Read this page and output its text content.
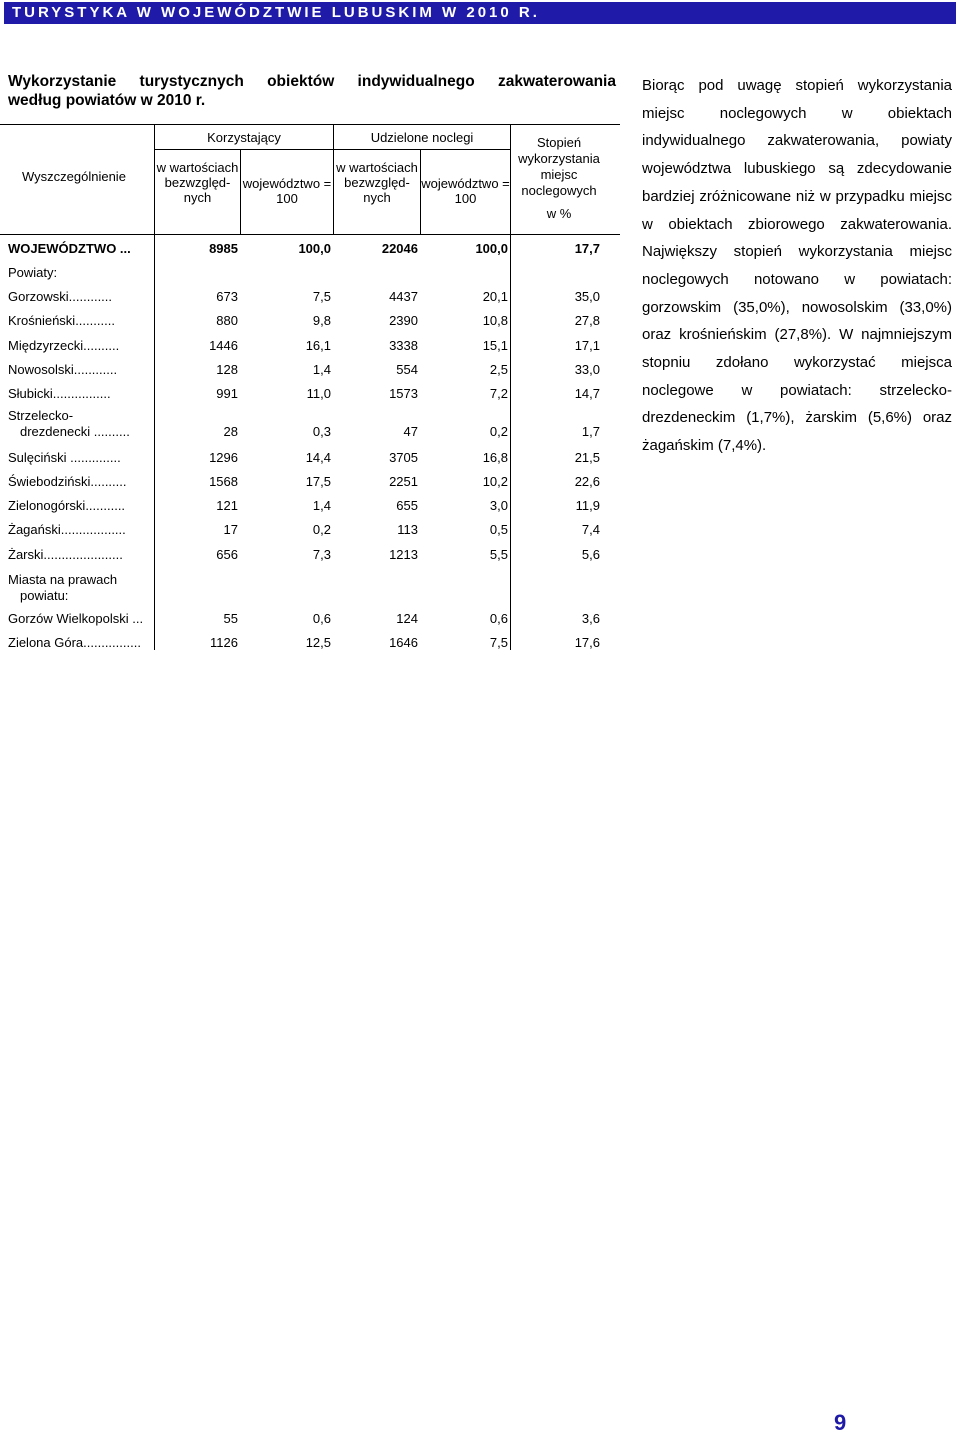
TURYSTYKA W WOJEWÓDZTWIE LUBUSKIM W 2010 R.
Wykorzystanie turystycznych obiektów indywidualnego zakwaterowania
według powiatów w 2010 r.
Wyszczególnienie
Korzystający	Udzielone noclegi	Stopień wykorzystania miejsc noclegowych
w %
w wartościach bezwzględ-nych
województwo = 100
w wartościach bezwzględ-nych
województwo = 100
WOJEWÓDZTWO ...	8985	100,0	22046	100,0	17,7
Powiaty:
Gorzowski............	673	7,5	4437	20,1	35,0
Krośnieński...........	880	9,8	2390	10,8	27,8
Międzyrzecki..........	1446	16,1	3338	15,1	17,1
Nowosolski............	128	1,4	554	2,5	33,0
Słubicki................	991	11,0	1573	7,2	14,7
Strzelecko-
drezdenecki ..........	28	0,3	47	0,2	1,7
Sulęciński ..............	1296	14,4	3705	16,8	21,5
Świebodziński..........	1568	17,5	2251	10,2	22,6
Zielonogórski...........	121	1,4	655	3,0	11,9
Żagański..................	17	0,2	113	0,5	7,4
Żarski......................	656	7,3	1213	5,5	5,6
Miasta na prawach
powiatu:
Gorzów Wielkopolski ...	55	0,6	124	0,6	3,6
Zielona Góra................	1126	12,5	1646	7,5	17,6
Biorąc pod uwagę stopień wykorzystania miejsc noclegowych w obiektach indywidualnego zakwaterowania, powiaty województwa lubuskiego są zdecydowanie bardziej zróżnicowane niż w przypadku miejsc w obiektach zbiorowego zakwaterowania. Największy stopień wykorzystania miejsc noclegowych notowano w powiatach: gorzowskim (35,0%), nowosolskim (33,0%) oraz krośnieńskim (27,8%). W najmniejszym stopniu zdołano wykorzystać miejsca noclegowe w powiatach: strzelecko-drezdeneckim (1,7%), żarskim (5,6%) oraz żagańskim (7,4%).
9
